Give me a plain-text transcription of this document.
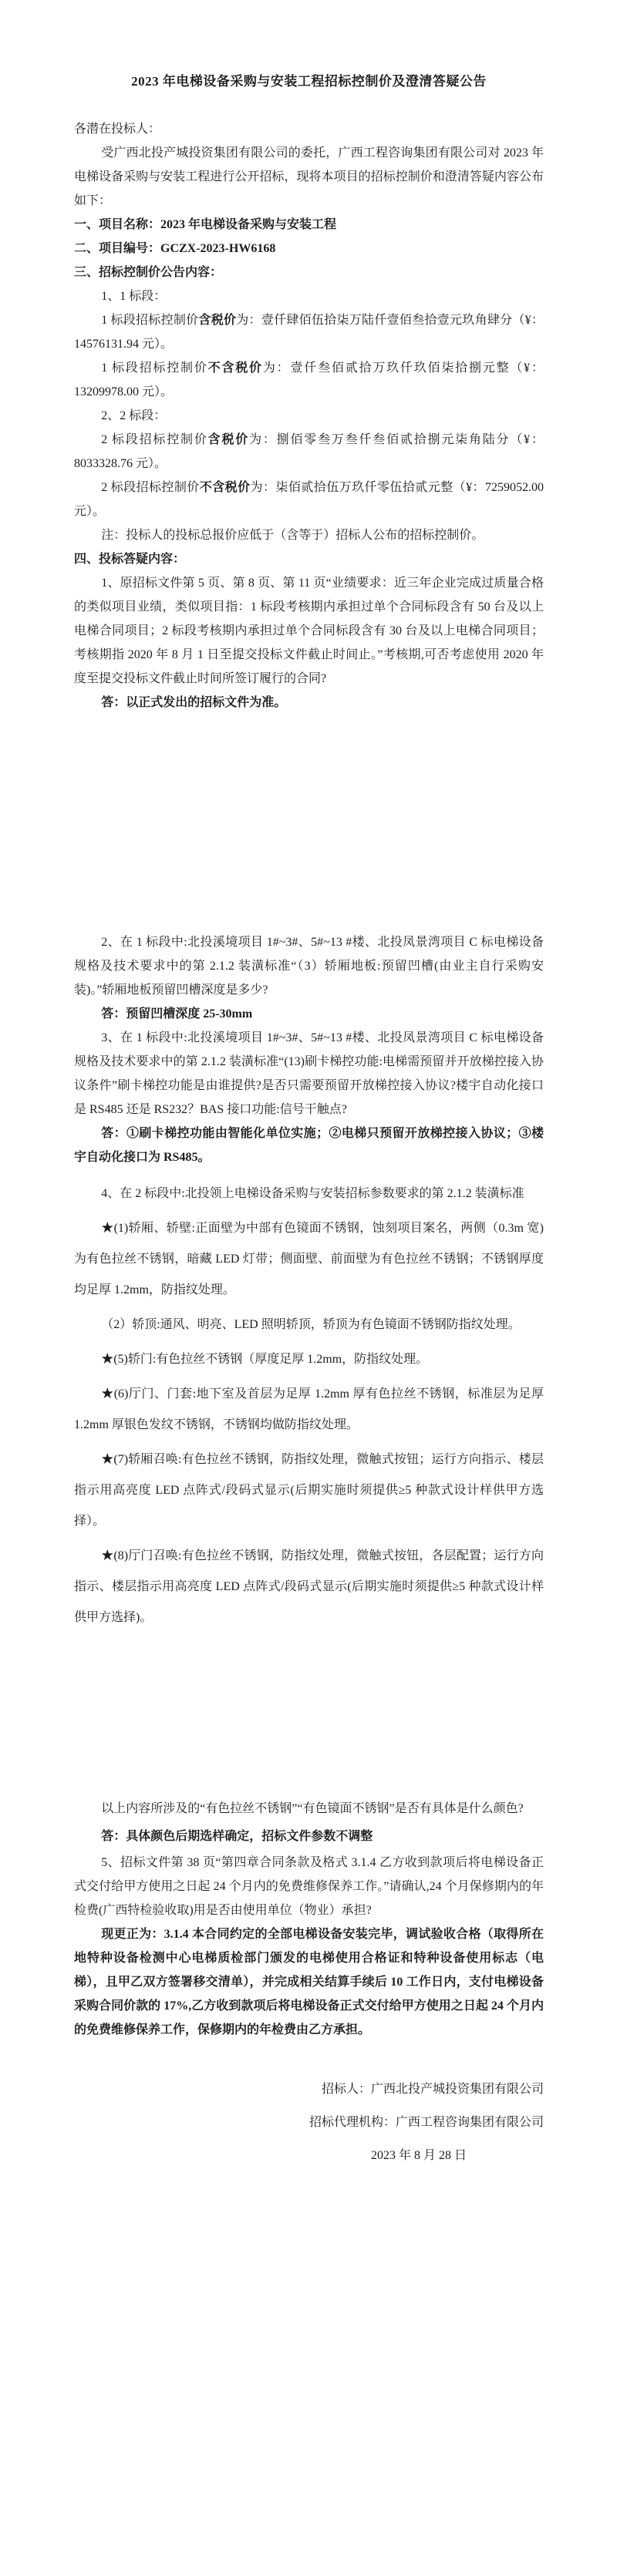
2023 年电梯设备采购与安装工程招标控制价及澄清答疑公告

各潜在投标人：

受广西北投产城投资集团有限公司的委托，广西工程咨询集团有限公司对 2023 年电梯设备采购与安装工程进行公开招标，现将本项目的招标控制价和澄清答疑内容公布如下：

一、项目名称：2023 年电梯设备采购与安装工程

二、项目编号：GCZX-2023-HW6168

三、招标控制价公告内容：

1、1 标段：

1 标段招标控制价含税价为：壹仟肆佰伍拾柒万陆仟壹佰叁拾壹元玖角肆分（¥：14576131.94 元）。

1 标段招标控制价不含税价为：壹仟叁佰贰拾万玖仟玖佰柒拾捌元整（¥：13209978.00 元）。

2、2 标段：

2 标段招标控制价含税价为：捌佰零叁万叁仟叁佰贰拾捌元柒角陆分（¥：8033328.76 元）。

2 标段招标控制价不含税价为：柒佰贰拾伍万玖仟零伍拾贰元整（¥：7259052.00 元）。

注：投标人的投标总报价应低于（含等于）招标人公布的招标控制价。

四、投标答疑内容：

1、原招标文件第 5 页、第 8 页、第 11 页“业绩要求：近三年企业完成过质量合格的类似项目业绩，类似项目指：1 标段考核期内承担过单个合同标段含有 50 台及以上电梯合同项目；2 标段考核期内承担过单个合同标段含有 30 台及以上电梯合同项目；考核期指 2020 年 8 月 1 日至提交投标文件截止时间止。”考核期,可否考虑使用 2020 年度至提交投标文件截止时间所签订履行的合同?

答：以正式发出的招标文件为准。

2、在 1 标段中:北投溪境项目 1#~3#、5#~13 #楼、北投凤景湾项目 C 标电梯设备规格及技术要求中的第 2.1.2 装潢标准“（3）轿厢地板:预留凹槽(由业主自行采购安装)。”轿厢地板预留凹槽深度是多少?

答：预留凹槽深度 25-30mm

3、在 1 标段中:北投溪境项目 1#~3#、5#~13 #楼、北投凤景湾项目 C 标电梯设备规格及技术要求中的第 2.1.2 装潢标准“(13)刷卡梯控功能:电梯需预留并开放梯控接入协议条件”刷卡梯控功能是由谁提供?是否只需要预留开放梯控接入协议?楼宇自动化接口是 RS485 还是 RS232？BAS 接口功能:信号干触点?

答：①刷卡梯控功能由智能化单位实施；②电梯只预留开放梯控接入协议；③楼宇自动化接口为 RS485。

4、在 2 标段中:北投领上电梯设备采购与安装招标参数要求的第 2.1.2 装潢标准

★(1)轿厢、轿壁:正面壁为中部有色镜面不锈钢，蚀刻项目案名，两侧（0.3m 宽)为有色拉丝不锈钢，暗藏 LED 灯带；侧面壁、前面壁为有色拉丝不锈钢；不锈钢厚度均足厚 1.2mm，防指纹处理。

（2）轿顶:通风、明亮、LED 照明轿顶，轿顶为有色镜面不锈钢防指纹处理。

★(5)轿门:有色拉丝不锈钢（厚度足厚 1.2mm，防指纹处理。

★(6)厅门、门套:地下室及首层为足厚 1.2mm 厚有色拉丝不锈钢，标准层为足厚 1.2mm 厚银色发纹不锈钢，不锈钢均做防指纹处理。

★(7)轿厢召唤:有色拉丝不锈钢，防指纹处理，微触式按钮；运行方向指示、楼层指示用高亮度 LED 点阵式/段码式显示(后期实施时须提供≥5 种款式设计样供甲方选择）。

★(8)厅门召唤:有色拉丝不锈钢，防指纹处理，微触式按钮，各层配置；运行方向指示、楼层指示用高亮度 LED 点阵式/段码式显示(后期实施时须提供≥5 种款式设计样供甲方选择)。

以上内容所涉及的“有色拉丝不锈钢”“有色镜面不锈钢”是否有具体是什么颜色?

答：具体颜色后期选样确定，招标文件参数不调整

5、招标文件第 38 页“第四章合同条款及格式 3.1.4 乙方收到款项后将电梯设备正式交付给甲方使用之日起 24 个月内的免费维修保养工作。”请确认,24 个月保修期内的年检费(广西特检验收取)用是否由使用单位（物业）承担?

现更正为：3.1.4 本合同约定的全部电梯设备安装完毕，调试验收合格（取得所在地特种设备检测中心电梯质检部门颁发的电梯使用合格证和特种设备使用标志（电梯），且甲乙双方签署移交清单），并完成相关结算手续后 10 工作日内，支付电梯设备采购合同价款的 17%,乙方收到款项后将电梯设备正式交付给甲方使用之日起 24 个月内的免费维修保养工作，保修期内的年检费由乙方承担。

招标人：广西北投产城投资集团有限公司

招标代理机构：广西工程咨询集团有限公司

2023 年 8 月 28 日
